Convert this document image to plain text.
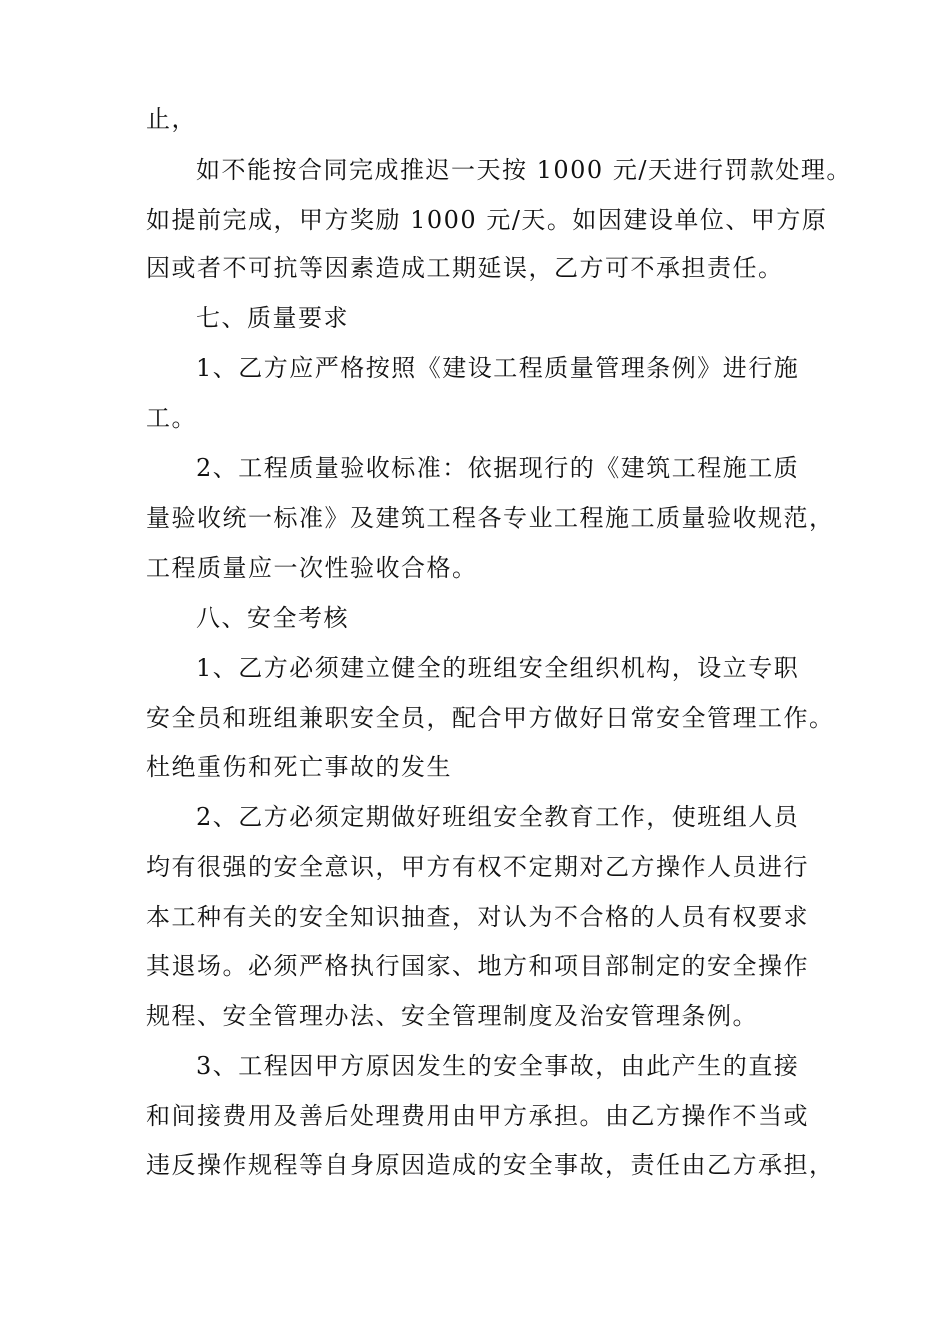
止，
如不能按合同完成推迟一天按 1000 元/天进行罚款处理。
如提前完成，甲方奖励 1000 元/天。如因建设单位、甲方原
因或者不可抗等因素造成工期延误，乙方可不承担责任。
七、质量要求
1、乙方应严格按照《建设工程质量管理条例》进行施
工。
2、工程质量验收标准：依据现行的《建筑工程施工质
量验收统一标准》及建筑工程各专业工程施工质量验收规范，
工程质量应一次性验收合格。
八、安全考核
1、乙方必须建立健全的班组安全组织机构，设立专职
安全员和班组兼职安全员，配合甲方做好日常安全管理工作。
杜绝重伤和死亡事故的发生
2、乙方必须定期做好班组安全教育工作，使班组人员
均有很强的安全意识，甲方有权不定期对乙方操作人员进行
本工种有关的安全知识抽查，对认为不合格的人员有权要求
其退场。必须严格执行国家、地方和项目部制定的安全操作
规程、安全管理办法、安全管理制度及治安管理条例。
3、工程因甲方原因发生的安全事故，由此产生的直接
和间接费用及善后处理费用由甲方承担。由乙方操作不当或
违反操作规程等自身原因造成的安全事故，责任由乙方承担，
